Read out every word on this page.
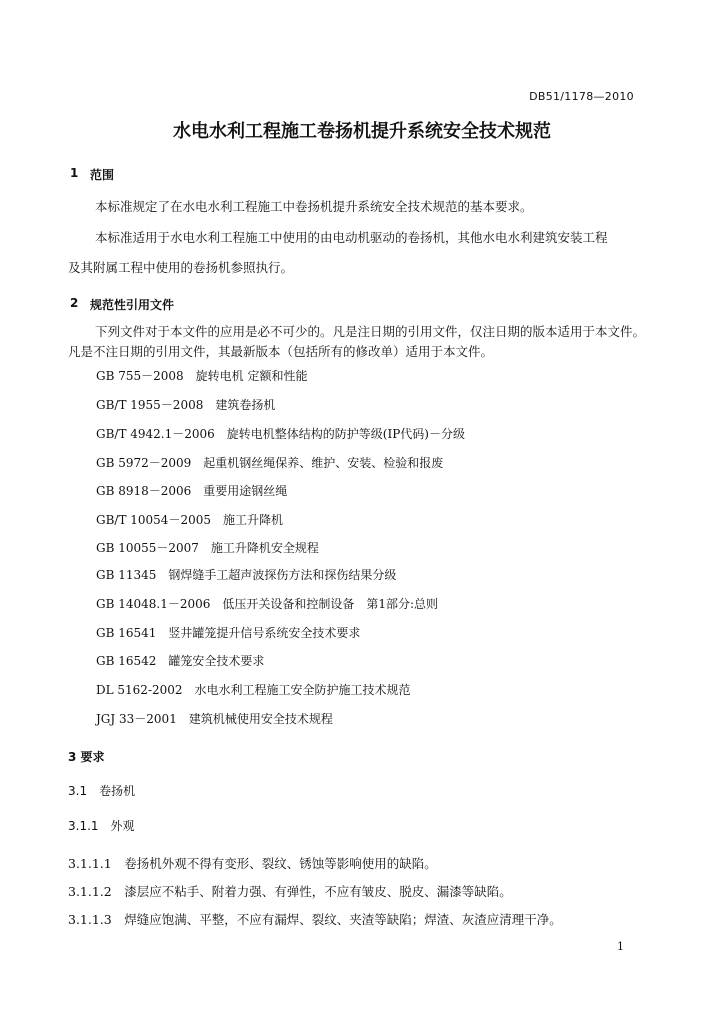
DB51/1178—2010
水电水利工程施工卷扬机提升系统安全技术规范
1 范围
本标准规定了在水电水利工程施工中卷扬机提升系统安全技术规范的基本要求。
本标准适用于水电水利工程施工中使用的由电动机驱动的卷扬机，其他水电水利建筑安装工程
及其附属工程中使用的卷扬机参照执行。
2 规范性引用文件
下列文件对于本文件的应用是必不可少的。凡是注日期的引用文件，仅注日期的版本适用于本文件。
凡是不注日期的引用文件，其最新版本（包括所有的修改单）适用于本文件。
GB 755－2008　旋转电机 定额和性能
GB/T 1955－2008　建筑卷扬机
GB/T 4942.1－2006　旋转电机整体结构的防护等级(IP代码)－分级
GB 5972－2009　起重机钢丝绳保养、维护、安装、检验和报废
GB 8918－2006　重要用途钢丝绳
GB/T 10054－2005　施工升降机
GB 10055－2007　施工升降机安全规程
GB 11345　钢焊缝手工超声波探伤方法和探伤结果分级
GB 14048.1－2006　低压开关设备和控制设备　第1部分:总则
GB 16541　竖井罐笼提升信号系统安全技术要求
GB 16542　罐笼安全技术要求
DL 5162-2002　水电水利工程施工安全防护施工技术规范
JGJ 33－2001　建筑机械使用安全技术规程
3 要求
3.1　卷扬机
3.1.1　外观
3.1.1.1　卷扬机外观不得有变形、裂纹、锈蚀等影响使用的缺陷。
3.1.1.2　漆层应不粘手、附着力强、有弹性，不应有皱皮、脱皮、漏漆等缺陷。
3.1.1.3　焊缝应饱满、平整，不应有漏焊、裂纹、夹渣等缺陷；焊渣、灰渣应清理干净。
1
